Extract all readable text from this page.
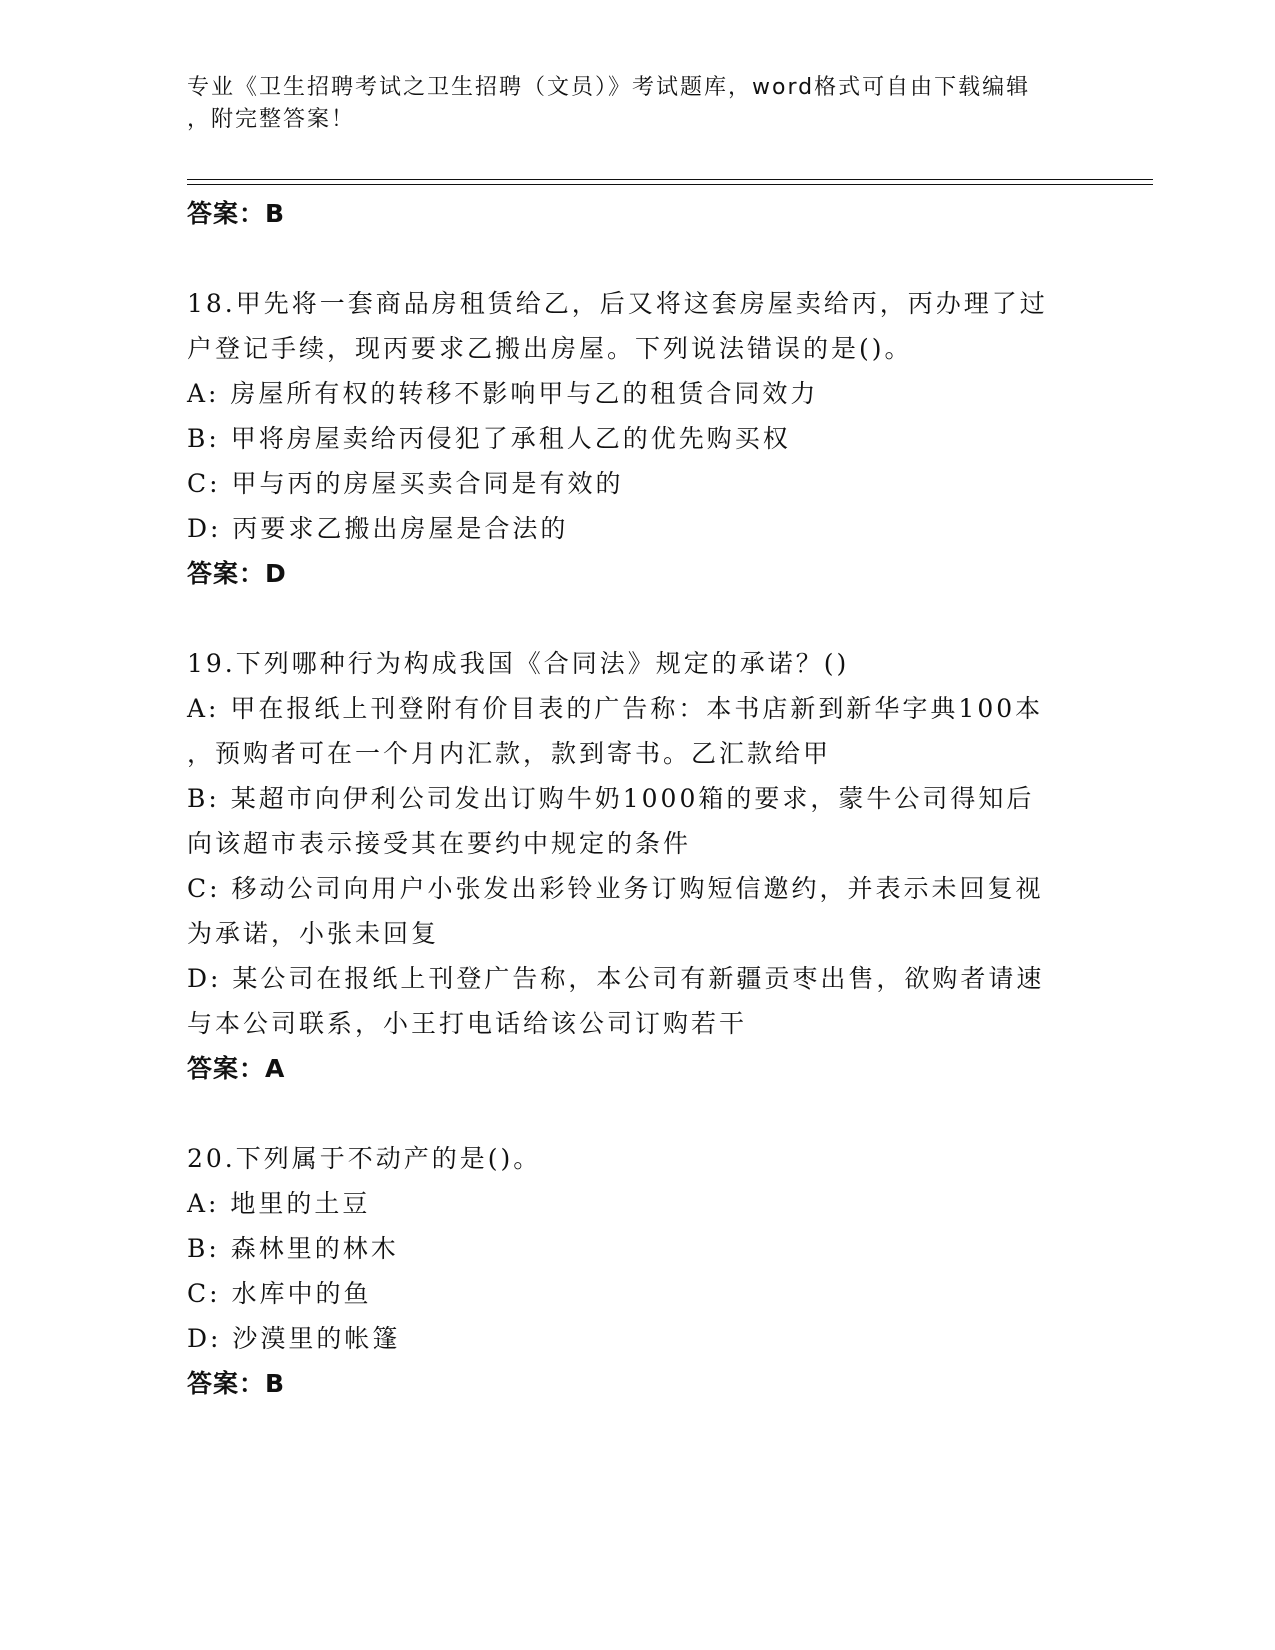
专业《卫生招聘考试之卫生招聘（文员）》考试题库，word格式可自由下载编辑

，附完整答案！

答案：B

18.甲先将一套商品房租赁给乙，后又将这套房屋卖给丙，丙办理了过

户登记手续，现丙要求乙搬出房屋。下列说法错误的是()。

A: 房屋所有权的转移不影响甲与乙的租赁合同效力
B: 甲将房屋卖给丙侵犯了承租人乙的优先购买权
C: 甲与丙的房屋买卖合同是有效的
D: 丙要求乙搬出房屋是合法的

答案：D

19.下列哪种行为构成我国《合同法》规定的承诺？()

A: 甲在报纸上刊登附有价目表的广告称：本书店新到新华字典100本
，预购者可在一个月内汇款，款到寄书。乙汇款给甲
B: 某超市向伊利公司发出订购牛奶1000箱的要求，蒙牛公司得知后
向该超市表示接受其在要约中规定的条件
C: 移动公司向用户小张发出彩铃业务订购短信邀约，并表示未回复视
为承诺，小张未回复
D: 某公司在报纸上刊登广告称，本公司有新疆贡枣出售，欲购者请速
与本公司联系，小王打电话给该公司订购若干

答案：A

20.下列属于不动产的是()。

A: 地里的土豆
B: 森林里的林木
C: 水库中的鱼
D: 沙漠里的帐篷

答案：B
